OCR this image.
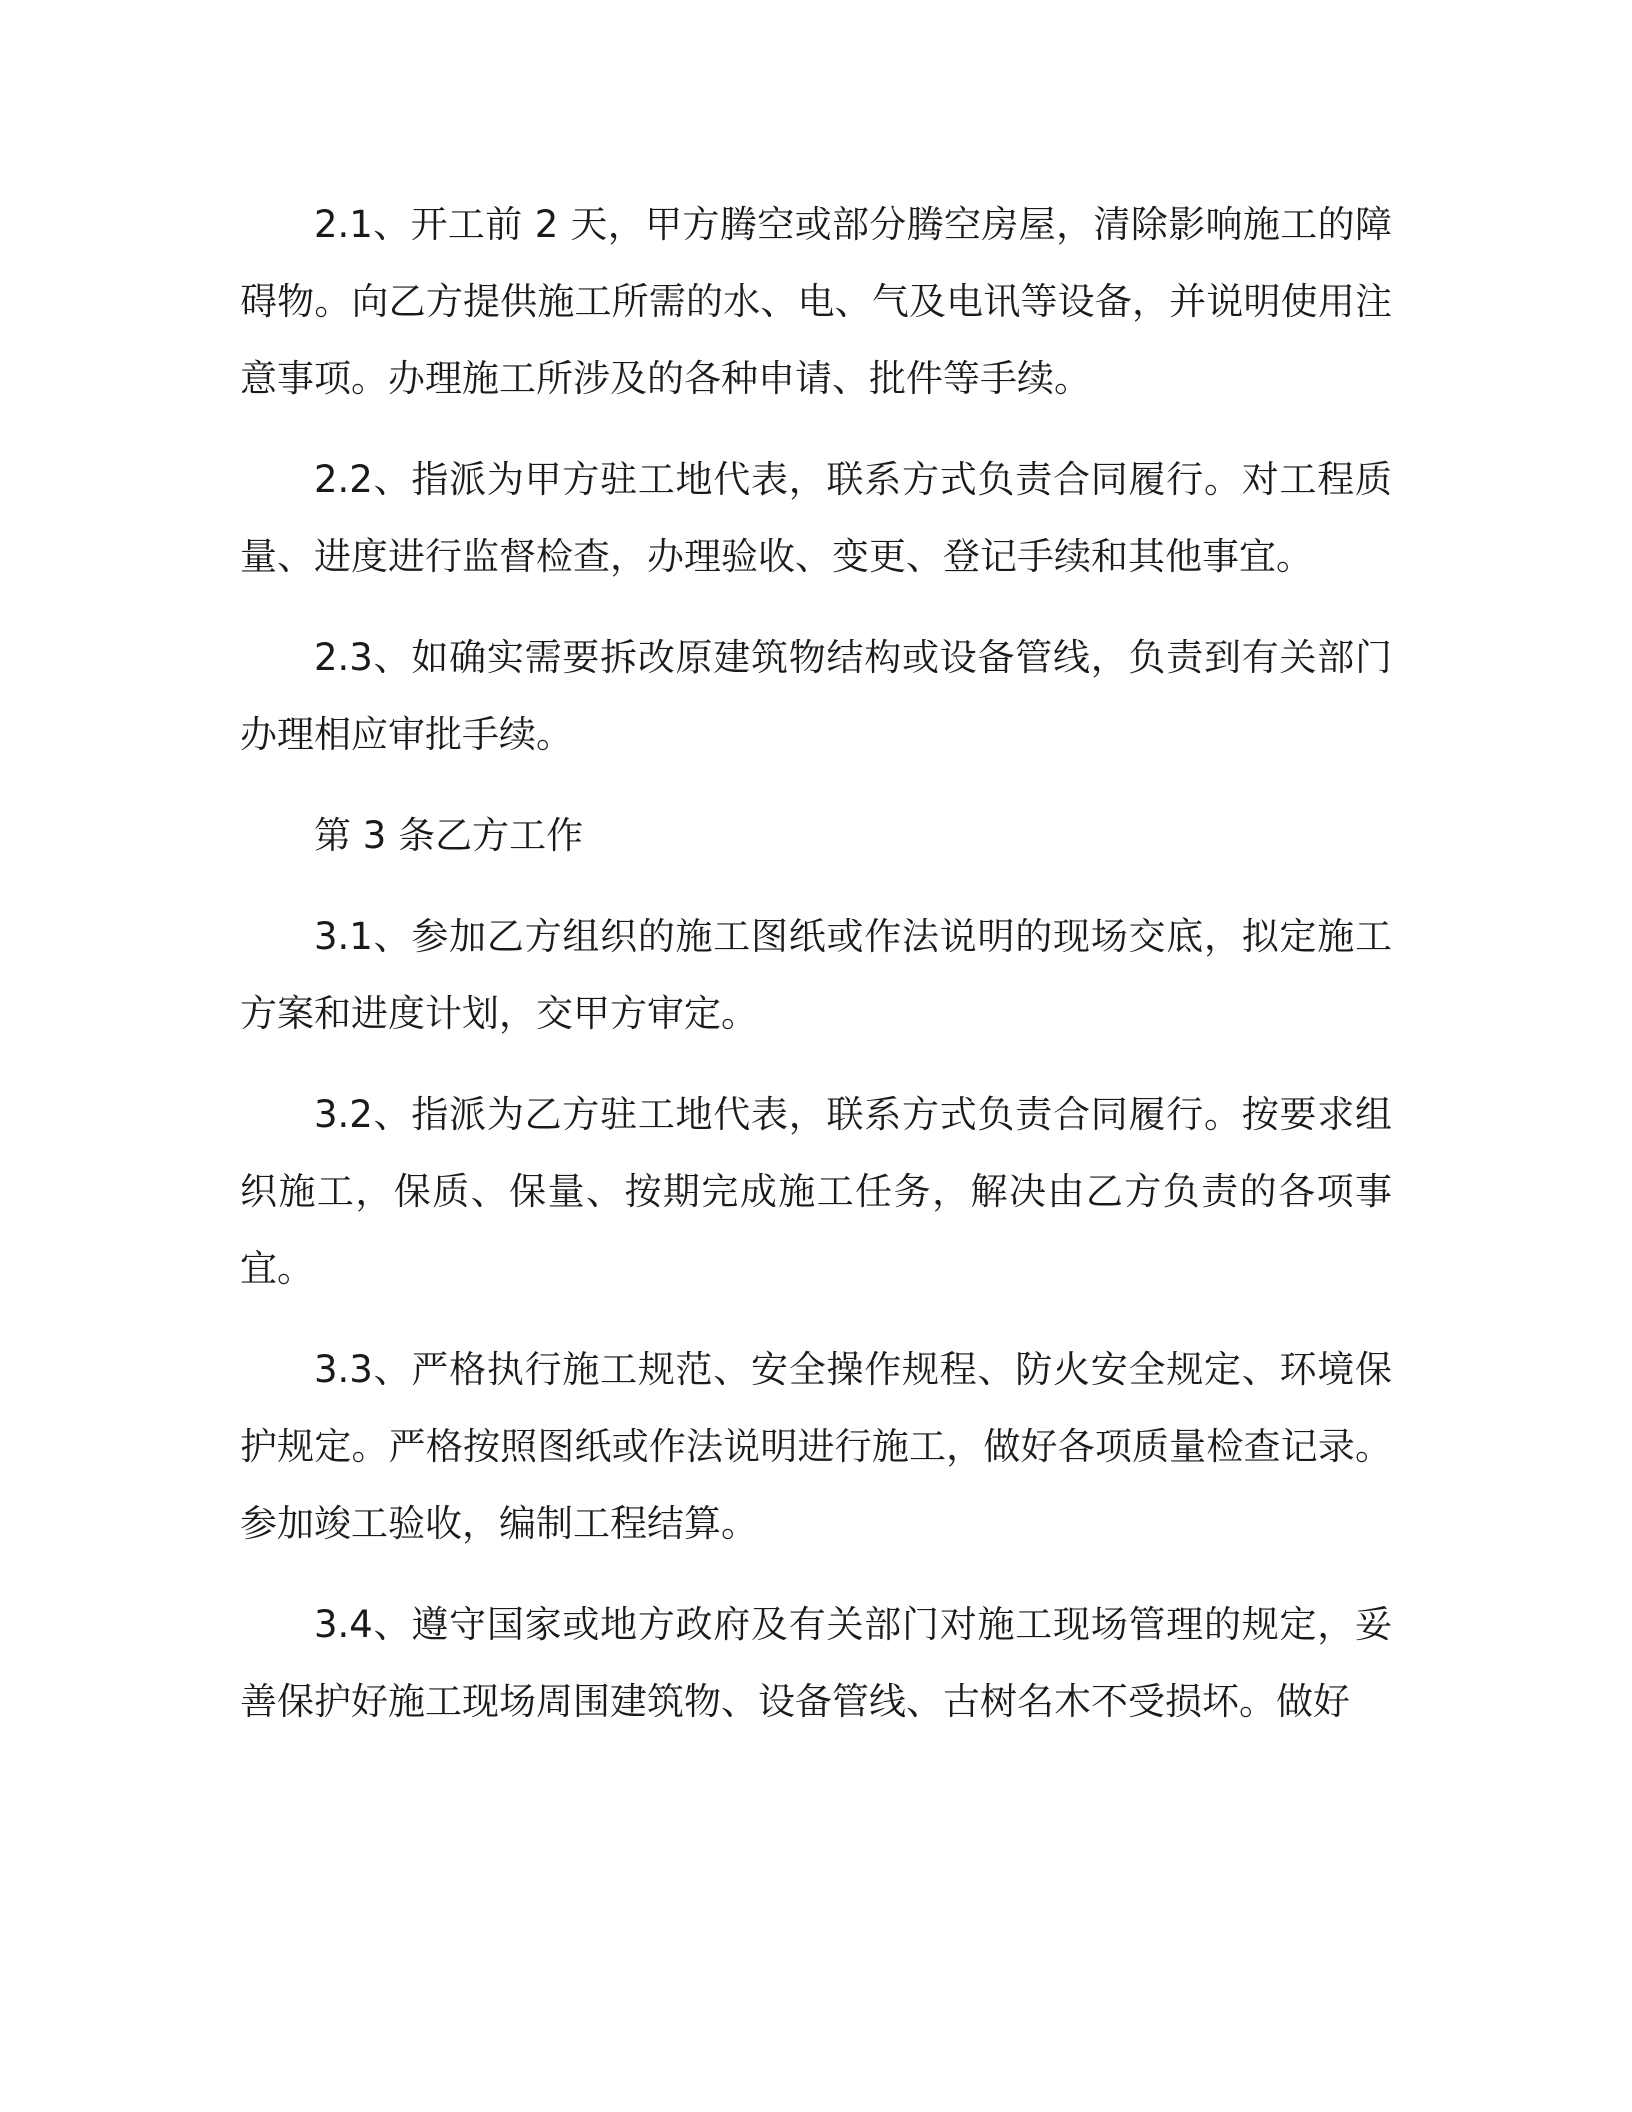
2.1、开工前 2 天，甲方腾空或部分腾空房屋，清除影响施工的障碍物。向乙方提供施工所需的水、电、气及电讯等设备，并说明使用注意事项。办理施工所涉及的各种申请、批件等手续。

2.2、指派为甲方驻工地代表，联系方式负责合同履行。对工程质量、进度进行监督检查，办理验收、变更、登记手续和其他事宜。

2.3、如确实需要拆改原建筑物结构或设备管线，负责到有关部门办理相应审批手续。

第 3 条乙方工作

3.1、参加乙方组织的施工图纸或作法说明的现场交底，拟定施工方案和进度计划，交甲方审定。

3.2、指派为乙方驻工地代表，联系方式负责合同履行。按要求组织施工，保质、保量、按期完成施工任务，解决由乙方负责的各项事宜。

3.3、严格执行施工规范、安全操作规程、防火安全规定、环境保护规定。严格按照图纸或作法说明进行施工，做好各项质量检查记录。参加竣工验收，编制工程结算。

3.4、遵守国家或地方政府及有关部门对施工现场管理的规定，妥善保护好施工现场周围建筑物、设备管线、古树名木不受损坏。做好
